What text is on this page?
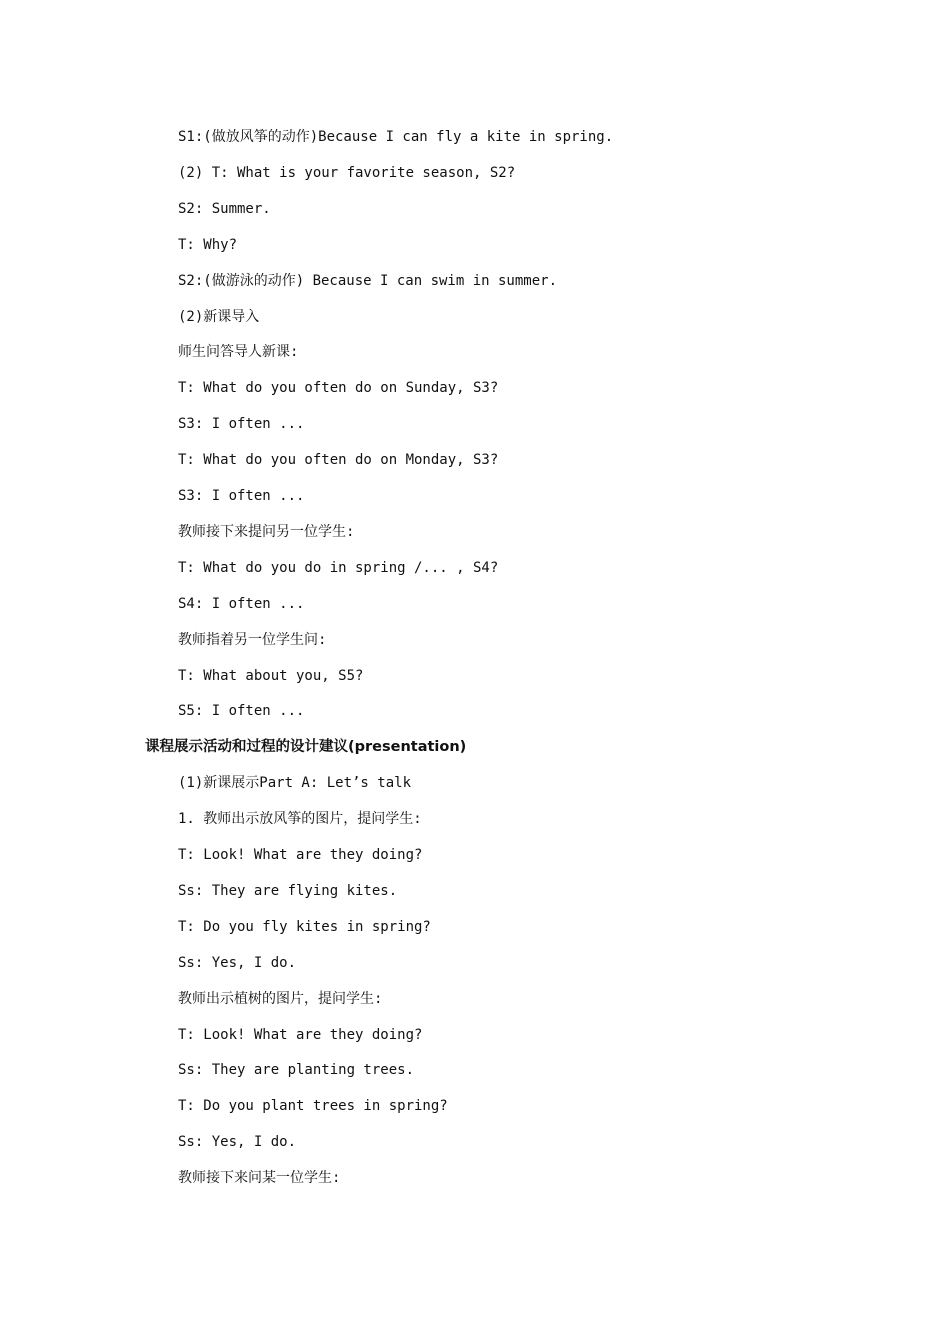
S1:(做放风筝的动作)Because I can fly a kite in spring.
(2) T: What is your favorite season, S2?
S2: Summer.
T: Why?
S2:(做游泳的动作) Because I can swim in summer.
(2)新课导入
师生问答导人新课:
T: What do you often do on Sunday, S3?
S3: I often ...
T: What do you often do on Monday, S3?
S3: I often ...
教师接下来提问另一位学生:
T: What do you do in spring /... , S4?
S4: I often ...
教师指着另一位学生问:
T: What about you, S5?
S5: I often ...
课程展示活动和过程的设计建议(presentation)
(1)新课展示Part A: Let’s talk
1. 教师出示放风筝的图片，提问学生:
T: Look! What are they doing?
Ss: They are flying kites.
T: Do you fly kites in spring?
Ss: Yes, I do.
教师出示植树的图片，提问学生:
T: Look! What are they doing?
Ss: They are planting trees.
T: Do you plant trees in spring?
Ss: Yes, I do.
教师接下来问某一位学生:
